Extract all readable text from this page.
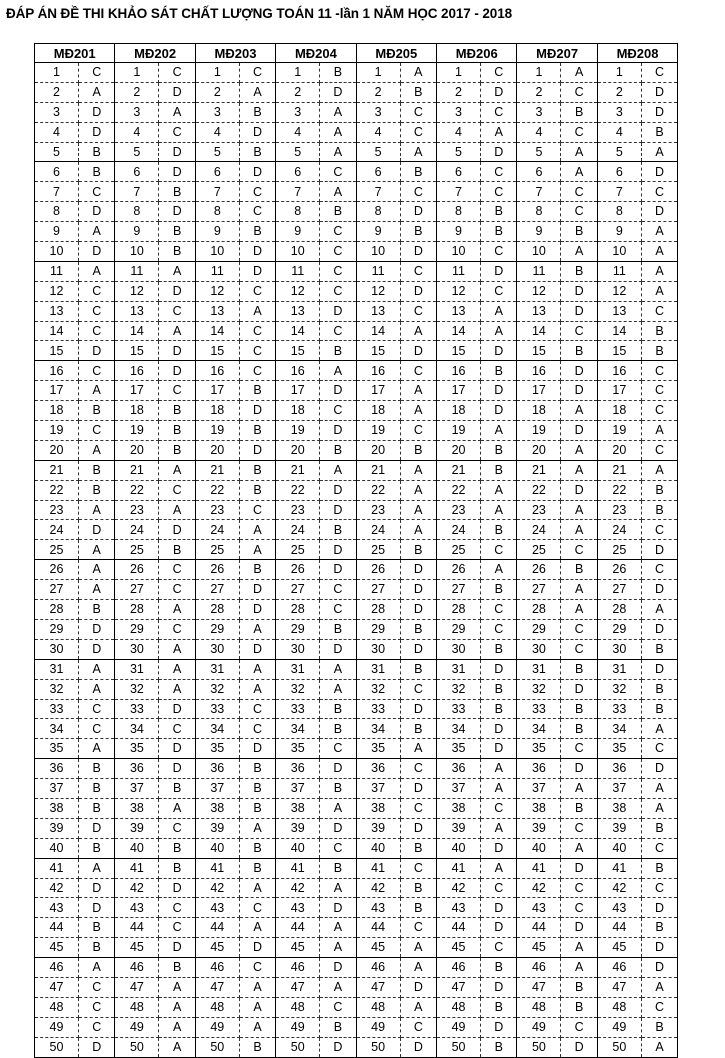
ĐÁP ÁN ĐỀ THI KHẢO SÁT CHẤT LƯỢNG TOÁN 11 -lần 1 NĂM HỌC 2017 - 2018
MĐ201		MĐ202		MĐ203		MĐ204		MĐ205		MĐ206		MĐ207		MĐ208	
1	C	1	C	1	C	1	B	1	A	1	C	1	A	1	C
2	A	2	D	2	A	2	D	2	B	2	D	2	C	2	D
3	D	3	A	3	B	3	A	3	C	3	C	3	B	3	D
4	D	4	C	4	D	4	A	4	C	4	A	4	C	4	B
5	B	5	D	5	B	5	A	5	A	5	D	5	A	5	A
6	B	6	D	6	D	6	C	6	B	6	C	6	A	6	D
7	C	7	B	7	C	7	A	7	C	7	C	7	C	7	C
8	D	8	D	8	C	8	B	8	D	8	B	8	C	8	D
9	A	9	B	9	B	9	C	9	B	9	B	9	B	9	A
10	D	10	B	10	D	10	C	10	D	10	C	10	A	10	A
11	A	11	A	11	D	11	C	11	C	11	D	11	B	11	A
12	C	12	D	12	C	12	C	12	D	12	C	12	D	12	A
13	C	13	C	13	A	13	D	13	C	13	A	13	D	13	C
14	C	14	A	14	C	14	C	14	A	14	A	14	C	14	B
15	D	15	D	15	C	15	B	15	D	15	D	15	B	15	B
16	C	16	D	16	C	16	A	16	C	16	B	16	D	16	C
17	A	17	C	17	B	17	D	17	A	17	D	17	D	17	C
18	B	18	B	18	D	18	C	18	A	18	D	18	A	18	C
19	C	19	B	19	B	19	D	19	C	19	A	19	D	19	A
20	A	20	B	20	D	20	B	20	B	20	B	20	A	20	C
21	B	21	A	21	B	21	A	21	A	21	B	21	A	21	A
22	B	22	C	22	B	22	D	22	A	22	A	22	D	22	B
23	A	23	A	23	C	23	D	23	A	23	A	23	A	23	B
24	D	24	D	24	A	24	B	24	A	24	B	24	A	24	C
25	A	25	B	25	A	25	D	25	B	25	C	25	C	25	D
26	A	26	C	26	B	26	D	26	D	26	A	26	B	26	C
27	A	27	C	27	D	27	C	27	D	27	B	27	A	27	D
28	B	28	A	28	D	28	C	28	D	28	C	28	A	28	A
29	D	29	C	29	A	29	B	29	B	29	C	29	C	29	D
30	D	30	A	30	D	30	D	30	D	30	B	30	C	30	B
31	A	31	A	31	A	31	A	31	B	31	D	31	B	31	D
32	A	32	A	32	A	32	A	32	C	32	B	32	D	32	B
33	C	33	D	33	C	33	B	33	D	33	B	33	B	33	B
34	C	34	C	34	C	34	B	34	B	34	D	34	B	34	A
35	A	35	D	35	D	35	C	35	A	35	D	35	C	35	C
36	B	36	D	36	B	36	D	36	C	36	A	36	D	36	D
37	B	37	B	37	B	37	B	37	D	37	A	37	A	37	A
38	B	38	A	38	B	38	A	38	C	38	C	38	B	38	A
39	D	39	C	39	A	39	D	39	D	39	A	39	C	39	B
40	B	40	B	40	B	40	C	40	B	40	D	40	A	40	C
41	A	41	B	41	B	41	B	41	C	41	A	41	D	41	B
42	D	42	D	42	A	42	A	42	B	42	C	42	C	42	C
43	D	43	C	43	C	43	D	43	B	43	D	43	C	43	D
44	B	44	C	44	A	44	A	44	C	44	D	44	D	44	B
45	B	45	D	45	D	45	A	45	A	45	C	45	A	45	D
46	A	46	B	46	C	46	D	46	A	46	B	46	A	46	D
47	C	47	A	47	A	47	A	47	D	47	D	47	B	47	A
48	C	48	A	48	A	48	C	48	A	48	B	48	B	48	C
49	C	49	A	49	A	49	B	49	C	49	D	49	C	49	B
50	D	50	A	50	B	50	D	50	D	50	B	50	D	50	A
